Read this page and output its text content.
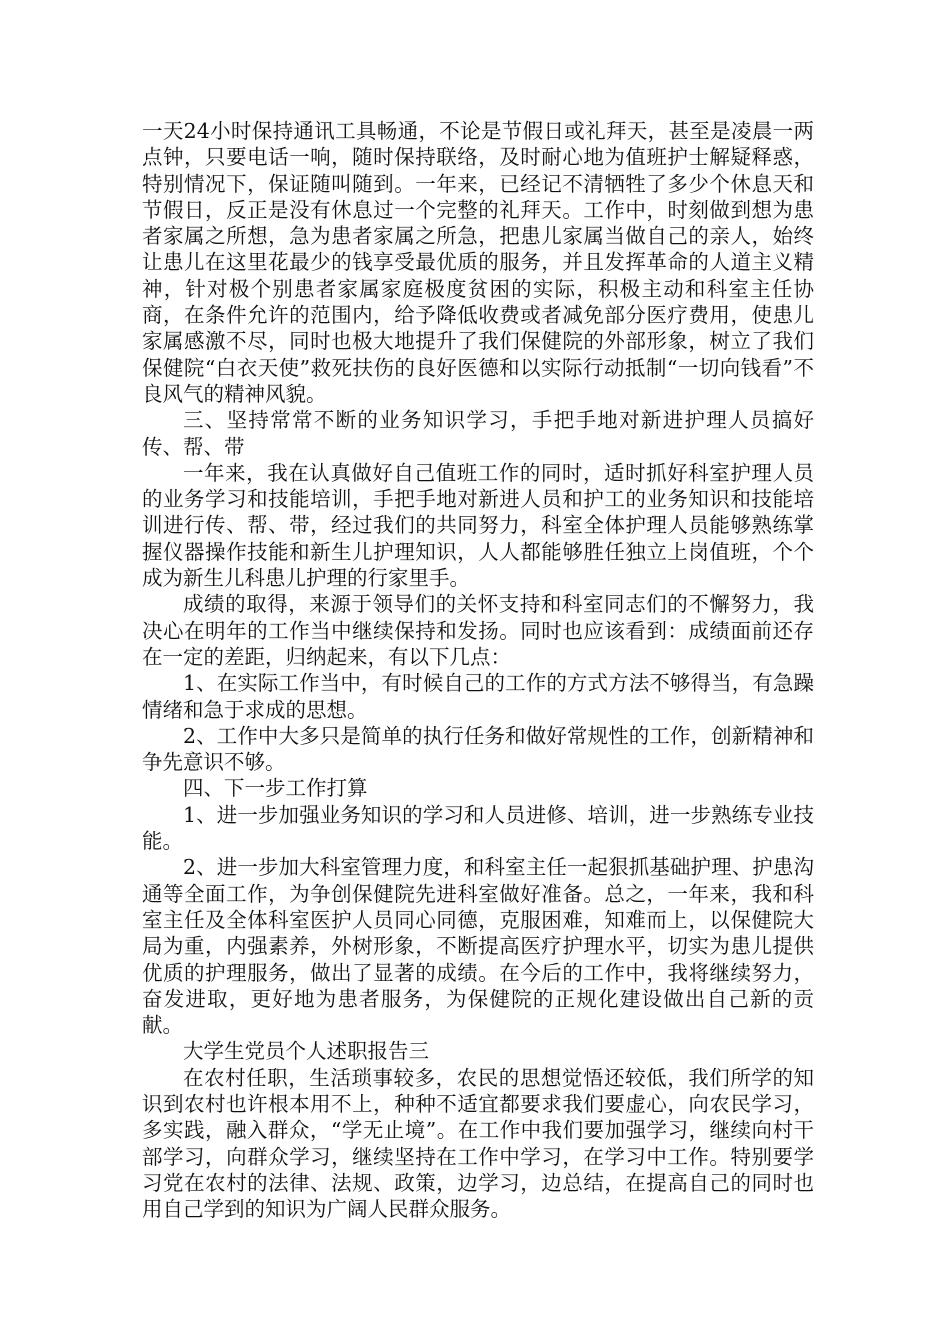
一天24小时保持通讯工具畅通，不论是节假日或礼拜天，甚至是凌晨一两点钟，只要电话一响，随时保持联络，及时耐心地为值班护士解疑释惑，特别情况下，保证随叫随到。一年来，已经记不清牺牲了多少个休息天和节假日，反正是没有休息过一个完整的礼拜天。工作中，时刻做到想为患者家属之所想，急为患者家属之所急，把患儿家属当做自己的亲人，始终让患儿在这里花最少的钱享受最优质的服务，并且发挥革命的人道主义精神，针对极个别患者家属家庭极度贫困的实际，积极主动和科室主任协商，在条件允许的范围内，给予降低收费或者减免部分医疗费用，使患儿家属感激不尽，同时也极大地提升了我们保健院的外部形象，树立了我们保健院“白衣天使”救死扶伤的良好医德和以实际行动抵制“一切向钱看”不良风气的精神风貌。

三、坚持常常不断的业务知识学习，手把手地对新进护理人员搞好传、帮、带

一年来，我在认真做好自己值班工作的同时，适时抓好科室护理人员的业务学习和技能培训，手把手地对新进人员和护工的业务知识和技能培训进行传、帮、带，经过我们的共同努力，科室全体护理人员能够熟练掌握仪器操作技能和新生儿护理知识，人人都能够胜任独立上岗值班，个个成为新生儿科患儿护理的行家里手。

成绩的取得，来源于领导们的关怀支持和科室同志们的不懈努力，我决心在明年的工作当中继续保持和发扬。同时也应该看到：成绩面前还存在一定的差距，归纳起来，有以下几点：

1、在实际工作当中，有时候自己的工作的方式方法不够得当，有急躁情绪和急于求成的思想。

2、工作中大多只是简单的执行任务和做好常规性的工作，创新精神和争先意识不够。

四、下一步工作打算

1、进一步加强业务知识的学习和人员进修、培训，进一步熟练专业技能。

2、进一步加大科室管理力度，和科室主任一起狠抓基础护理、护患沟通等全面工作，为争创保健院先进科室做好准备。总之，一年来，我和科室主任及全体科室医护人员同心同德，克服困难，知难而上，以保健院大局为重，内强素养，外树形象，不断提高医疗护理水平，切实为患儿提供优质的护理服务，做出了显著的成绩。在今后的工作中，我将继续努力，奋发进取，更好地为患者服务，为保健院的正规化建设做出自己新的贡献。

大学生党员个人述职报告三

在农村任职，生活琐事较多，农民的思想觉悟还较低，我们所学的知识到农村也许根本用不上，种种不适宜都要求我们要虚心，向农民学习，多实践，融入群众，“学无止境”。在工作中我们要加强学习，继续向村干部学习，向群众学习，继续坚持在工作中学习，在学习中工作。特别要学习党在农村的法律、法规、政策，边学习，边总结，在提高自己的同时也用自己学到的知识为广阔人民群众服务。
